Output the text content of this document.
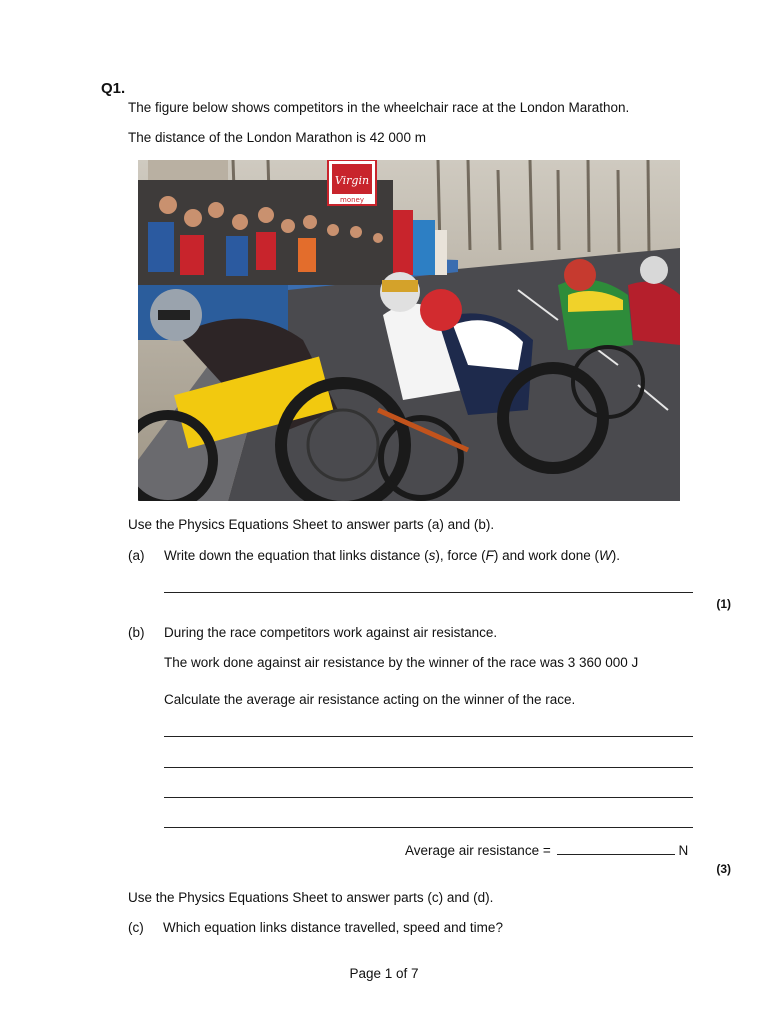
Q1.
The figure below shows competitors in the wheelchair race at the London Marathon.
The distance of the London Marathon is 42 000 m
Virgin
money
Use the Physics Equations Sheet to answer parts (a) and (b).
(a) Write down the equation that links distance (s), force (F) and work done (W).
(1)
(b) During the race competitors work against air resistance.
The work done against air resistance by the winner of the race was 3 360 000 J
Calculate the average air resistance acting on the winner of the race.
Average air resistance =	N
(3)
Use the Physics Equations Sheet to answer parts (c) and (d).
(c) Which equation links distance travelled, speed and time?
Page 1 of 7
